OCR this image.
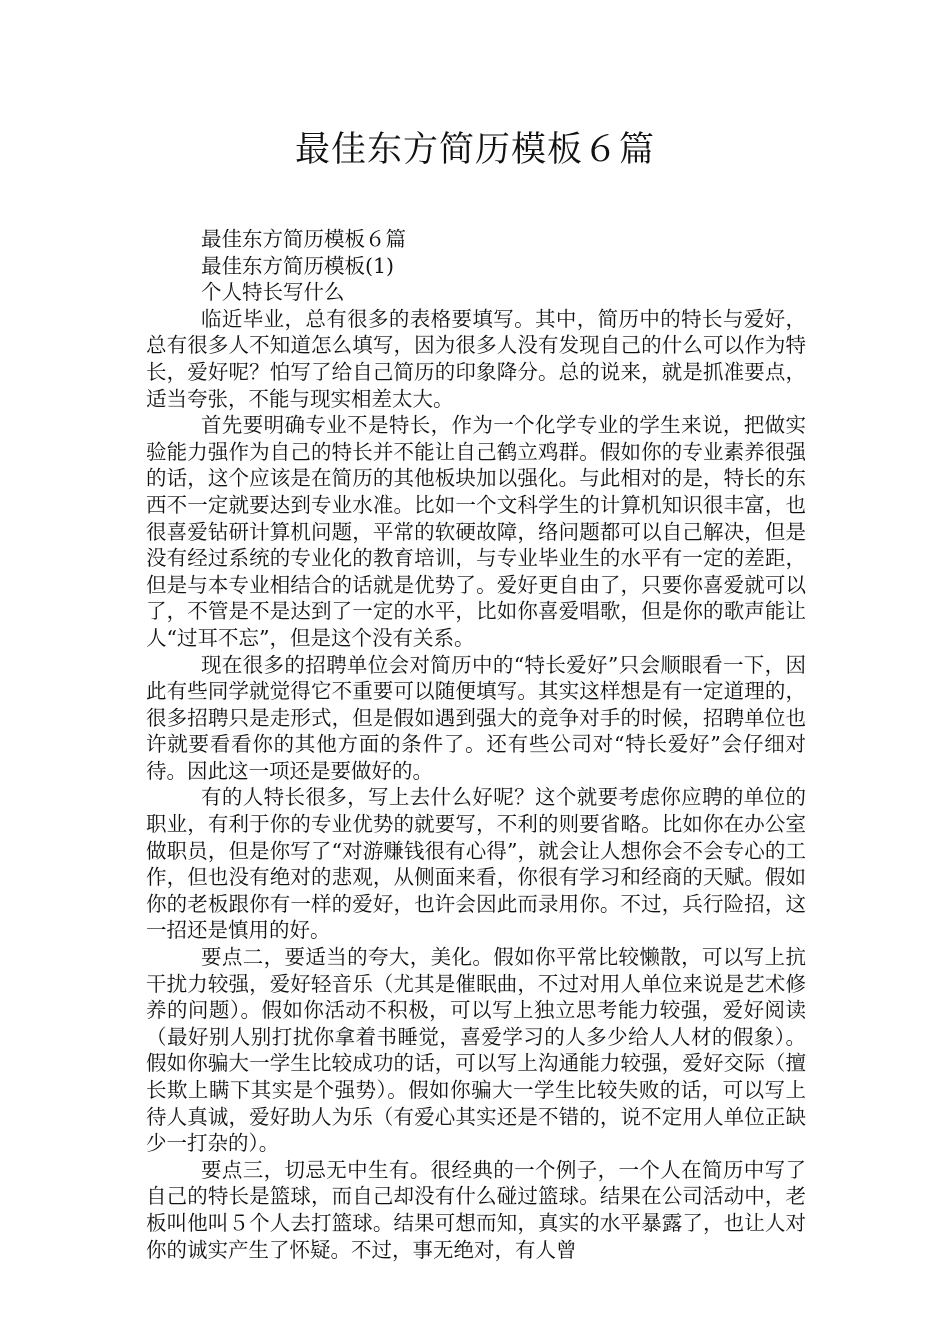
最佳东方简历模板６篇

最佳东方简历模板６篇

最佳东方简历模板(1)

个人特长写什么

临近毕业，总有很多的表格要填写。其中，简历中的特长与爱好，总有很多人不知道怎么填写，因为很多人没有发现自己的什么可以作为特长，爱好呢？怕写了给自己简历的印象降分。总的说来，就是抓准要点，适当夸张，不能与现实相差太大。

首先要明确专业不是特长，作为一个化学专业的学生来说，把做实验能力强作为自己的特长并不能让自己鹤立鸡群。假如你的专业素养很强的话，这个应该是在简历的其他板块加以强化。与此相对的是，特长的东西不一定就要达到专业水准。比如一个文科学生的计算机知识很丰富，也很喜爱钻研计算机问题，平常的软硬故障，络问题都可以自己解决，但是没有经过系统的专业化的教育培训，与专业毕业生的水平有一定的差距，但是与本专业相结合的话就是优势了。爱好更自由了，只要你喜爱就可以了，不管是不是达到了一定的水平，比如你喜爱唱歌，但是你的歌声能让人“过耳不忘”，但是这个没有关系。

现在很多的招聘单位会对简历中的“特长爱好”只会顺眼看一下，因此有些同学就觉得它不重要可以随便填写。其实这样想是有一定道理的，很多招聘只是走形式，但是假如遇到强大的竞争对手的时候，招聘单位也许就要看看你的其他方面的条件了。还有些公司对“特长爱好”会仔细对待。因此这一项还是要做好的。

有的人特长很多，写上去什么好呢？这个就要考虑你应聘的单位的职业，有利于你的专业优势的就要写，不利的则要省略。比如你在办公室做职员，但是你写了“对游赚钱很有心得”，就会让人想你会不会专心的工作，但也没有绝对的悲观，从侧面来看，你很有学习和经商的天赋。假如你的老板跟你有一样的爱好，也许会因此而录用你。不过，兵行险招，这一招还是慎用的好。

要点二，要适当的夸大，美化。假如你平常比较懒散，可以写上抗干扰力较强，爱好轻音乐（尤其是催眠曲，不过对用人单位来说是艺术修养的问题）。假如你活动不积极，可以写上独立思考能力较强，爱好阅读（最好别人别打扰你拿着书睡觉，喜爱学习的人多少给人人材的假象）。假如你骗大一学生比较成功的话，可以写上沟通能力较强，爱好交际（擅长欺上瞒下其实是个强势）。假如你骗大一学生比较失败的话，可以写上待人真诚，爱好助人为乐（有爱心其实还是不错的，说不定用人单位正缺少一打杂的）。

要点三，切忌无中生有。很经典的一个例子，一个人在简历中写了自己的特长是篮球，而自己却没有什么碰过篮球。结果在公司活动中，老板叫他叫５个人去打篮球。结果可想而知，真实的水平暴露了，也让人对你的诚实产生了怀疑。不过，事无绝对，有人曾
